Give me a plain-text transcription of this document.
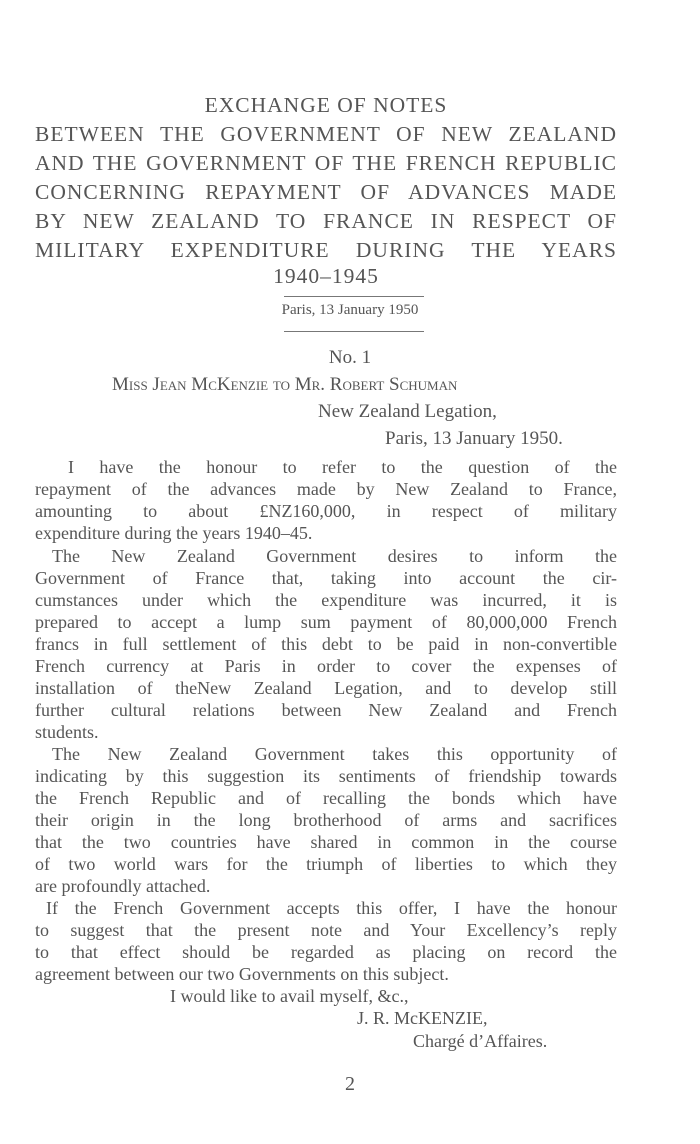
EXCHANGE OF NOTES
BETWEEN THE GOVERNMENT OF NEW ZEALAND
AND THE GOVERNMENT OF THE FRENCH REPUBLIC
CONCERNING REPAYMENT OF ADVANCES MADE
BY NEW ZEALAND TO FRANCE IN RESPECT OF
MILITARY EXPENDITURE DURING THE YEARS
1940–1945
Paris, 13 January 1950
No. 1
Miss Jean McKenzie to Mr. Robert Schuman
New Zealand Legation,
Paris, 13 January 1950.
I have the honour to refer to the question of the
repayment of the advances made by New Zealand to France,
amounting to about £NZ160,000, in respect of military
expenditure during the years 1940–45.
The New Zealand Government desires to inform the
Government of France that, taking into account the cir-
cumstances under which the expenditure was incurred, it is
prepared to accept a lump sum payment of 80,000,000 French
francs in full settlement of this debt to be paid in non-convertible
French currency at Paris in order to cover the expenses of
installation of theNew Zealand Legation, and to develop still
further cultural relations between New Zealand and French
students.
The New Zealand Government takes this opportunity of
indicating by this suggestion its sentiments of friendship towards
the French Republic and of recalling the bonds which have
their origin in the long brotherhood of arms and sacrifices
that the two countries have shared in common in the course
of two world wars for the triumph of liberties to which they
are profoundly attached.
If the French Government accepts this offer, I have the honour
to suggest that the present note and Your Excellency’s reply
to that effect should be regarded as placing on record the
agreement between our two Governments on this subject.
I would like to avail myself, &c.,
J. R. McKENZIE,
Chargé d’Affaires.
2
